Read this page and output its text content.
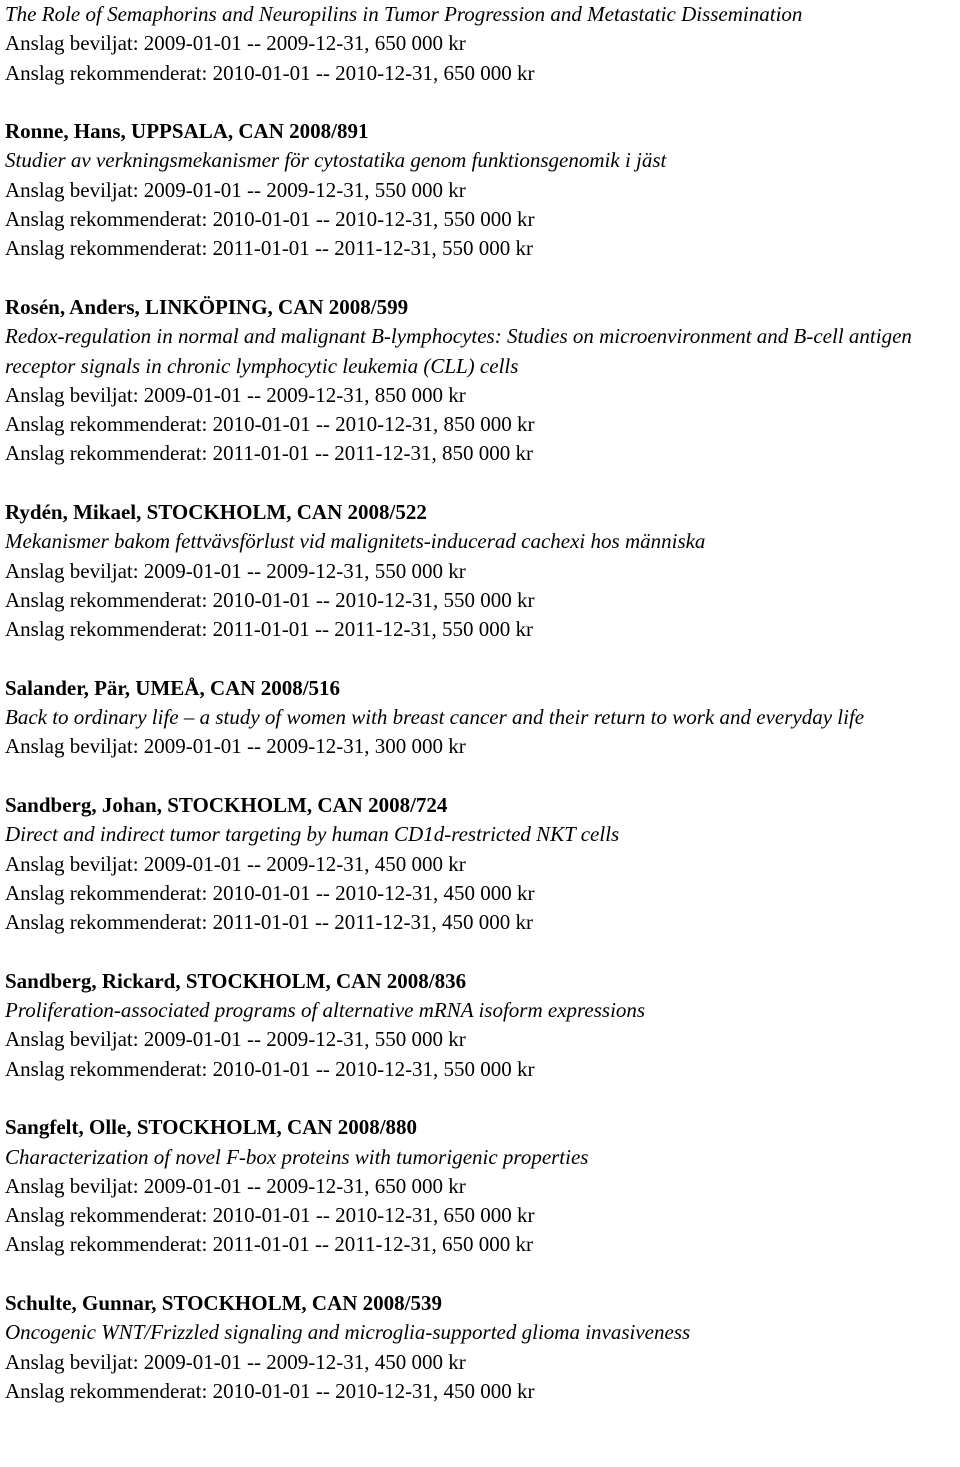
The Role of Semaphorins and Neuropilins in Tumor Progression and Metastatic Dissemination
Anslag beviljat: 2009-01-01 -- 2009-12-31, 650 000 kr
Anslag rekommenderat: 2010-01-01 -- 2010-12-31, 650 000 kr
Ronne, Hans, UPPSALA, CAN 2008/891
Studier av verkningsmekanismer för cytostatika genom funktionsgenomik i jäst
Anslag beviljat: 2009-01-01 -- 2009-12-31, 550 000 kr
Anslag rekommenderat: 2010-01-01 -- 2010-12-31, 550 000 kr
Anslag rekommenderat: 2011-01-01 -- 2011-12-31, 550 000 kr
Rosén, Anders, LINKÖPING, CAN 2008/599
Redox-regulation in normal and malignant B-lymphocytes: Studies on microenvironment and B-cell antigen receptor signals in chronic lymphocytic leukemia (CLL) cells
Anslag beviljat: 2009-01-01 -- 2009-12-31, 850 000 kr
Anslag rekommenderat: 2010-01-01 -- 2010-12-31, 850 000 kr
Anslag rekommenderat: 2011-01-01 -- 2011-12-31, 850 000 kr
Rydén, Mikael, STOCKHOLM, CAN 2008/522
Mekanismer bakom fettvävsförlust vid malignitets-inducerad cachexi hos människa
Anslag beviljat: 2009-01-01 -- 2009-12-31, 550 000 kr
Anslag rekommenderat: 2010-01-01 -- 2010-12-31, 550 000 kr
Anslag rekommenderat: 2011-01-01 -- 2011-12-31, 550 000 kr
Salander, Pär, UMEÅ, CAN 2008/516
Back to ordinary life – a study of women with breast cancer and their return to work and everyday life
Anslag beviljat: 2009-01-01 -- 2009-12-31, 300 000 kr
Sandberg, Johan, STOCKHOLM, CAN 2008/724
Direct and indirect tumor targeting by human CD1d-restricted NKT cells
Anslag beviljat: 2009-01-01 -- 2009-12-31, 450 000 kr
Anslag rekommenderat: 2010-01-01 -- 2010-12-31, 450 000 kr
Anslag rekommenderat: 2011-01-01 -- 2011-12-31, 450 000 kr
Sandberg, Rickard, STOCKHOLM, CAN 2008/836
Proliferation-associated programs of alternative mRNA isoform expressions
Anslag beviljat: 2009-01-01 -- 2009-12-31, 550 000 kr
Anslag rekommenderat: 2010-01-01 -- 2010-12-31, 550 000 kr
Sangfelt, Olle, STOCKHOLM, CAN 2008/880
Characterization of novel F-box proteins with tumorigenic properties
Anslag beviljat: 2009-01-01 -- 2009-12-31, 650 000 kr
Anslag rekommenderat: 2010-01-01 -- 2010-12-31, 650 000 kr
Anslag rekommenderat: 2011-01-01 -- 2011-12-31, 650 000 kr
Schulte, Gunnar, STOCKHOLM, CAN 2008/539
Oncogenic WNT/Frizzled signaling and microglia-supported glioma invasiveness
Anslag beviljat: 2009-01-01 -- 2009-12-31, 450 000 kr
Anslag rekommenderat: 2010-01-01 -- 2010-12-31, 450 000 kr
